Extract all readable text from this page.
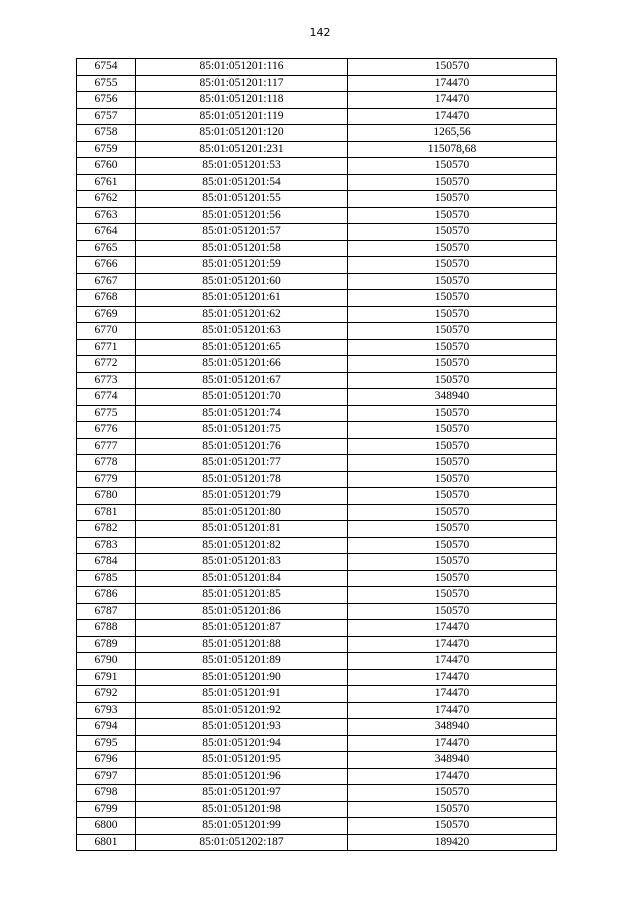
142
6754	85:01:051201:116	150570
6755	85:01:051201:117	174470
6756	85:01:051201:118	174470
6757	85:01:051201:119	174470
6758	85:01:051201:120	1265,56
6759	85:01:051201:231	115078,68
6760	85:01:051201:53	150570
6761	85:01:051201:54	150570
6762	85:01:051201:55	150570
6763	85:01:051201:56	150570
6764	85:01:051201:57	150570
6765	85:01:051201:58	150570
6766	85:01:051201:59	150570
6767	85:01:051201:60	150570
6768	85:01:051201:61	150570
6769	85:01:051201:62	150570
6770	85:01:051201:63	150570
6771	85:01:051201:65	150570
6772	85:01:051201:66	150570
6773	85:01:051201:67	150570
6774	85:01:051201:70	348940
6775	85:01:051201:74	150570
6776	85:01:051201:75	150570
6777	85:01:051201:76	150570
6778	85:01:051201:77	150570
6779	85:01:051201:78	150570
6780	85:01:051201:79	150570
6781	85:01:051201:80	150570
6782	85:01:051201:81	150570
6783	85:01:051201:82	150570
6784	85:01:051201:83	150570
6785	85:01:051201:84	150570
6786	85:01:051201:85	150570
6787	85:01:051201:86	150570
6788	85:01:051201:87	174470
6789	85:01:051201:88	174470
6790	85:01:051201:89	174470
6791	85:01:051201:90	174470
6792	85:01:051201:91	174470
6793	85:01:051201:92	174470
6794	85:01:051201:93	348940
6795	85:01:051201:94	174470
6796	85:01:051201:95	348940
6797	85:01:051201:96	174470
6798	85:01:051201:97	150570
6799	85:01:051201:98	150570
6800	85:01:051201:99	150570
6801	85:01:051202:187	189420
